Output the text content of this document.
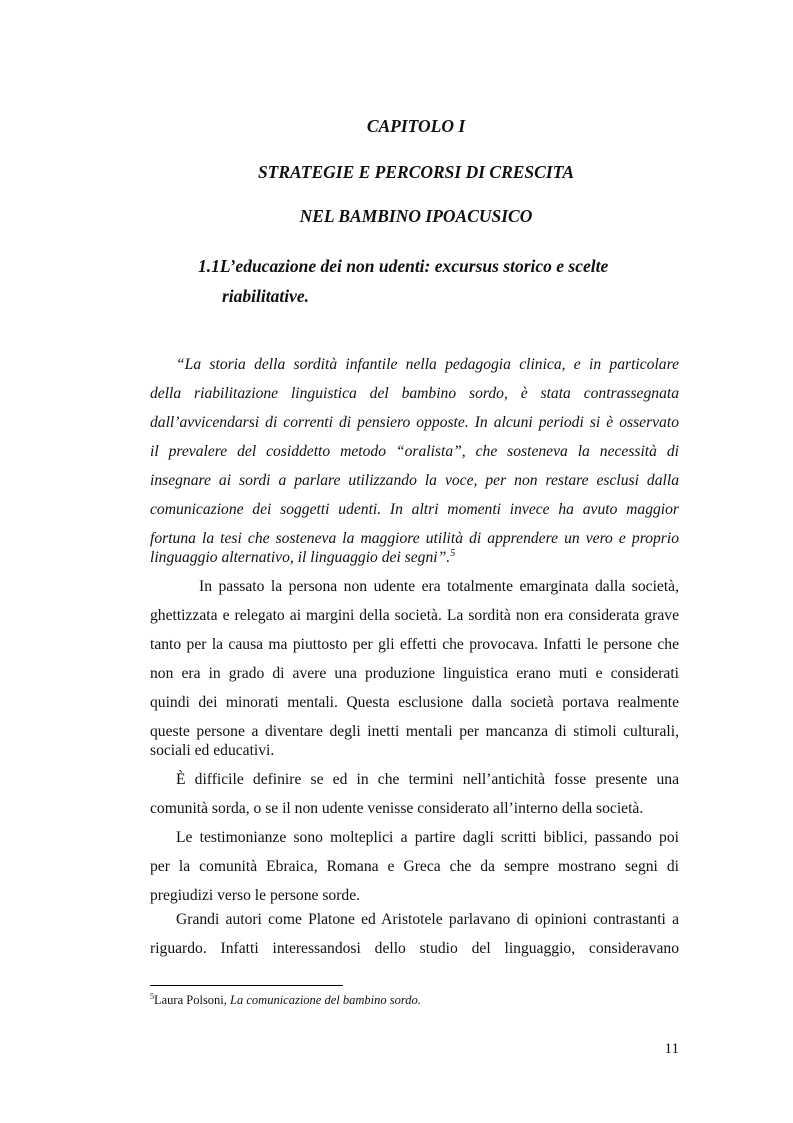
CAPITOLO I
STRATEGIE E PERCORSI DI CRESCITA
NEL BAMBINO IPOACUSICO
1.1L’educazione dei non udenti: excursus storico e scelte
riabilitative.
“La storia della sordità infantile nella pedagogia clinica, e in particolare
della riabilitazione linguistica del bambino sordo, è stata contrassegnata
dall’avvicendarsi di correnti di pensiero opposte. In alcuni periodi si è osservato
il prevalere del cosiddetto metodo “oralista”, che sosteneva la necessità di
insegnare ai sordi a parlare utilizzando la voce, per non restare esclusi dalla
comunicazione dei soggetti udenti. In altri momenti invece ha avuto maggior
fortuna la tesi che sosteneva la maggiore utilità di apprendere un vero e proprio
linguaggio alternativo, il linguaggio dei segni”.$^5$
In passato la persona non udente era totalmente emarginata dalla società,
ghettizzata e relegato ai margini della società. La sordità non era considerata grave
tanto per la causa ma piuttosto per gli effetti che provocava. Infatti le persone che
non era in grado di avere una produzione linguistica erano muti e considerati
quindi dei minorati mentali. Questa esclusione dalla società portava realmente
queste persone a diventare degli inetti mentali per mancanza di stimoli culturali,
sociali ed educativi.
È difficile definire se ed in che termini nell’antichità fosse presente una
comunità sorda, o se il non udente venisse considerato all’interno della società.
Le testimonianze sono molteplici a partire dagli scritti biblici, passando poi
per la comunità Ebraica, Romana e Greca che da sempre mostrano segni di
pregiudizi verso le persone sorde.
Grandi autori come Platone ed Aristotele parlavano di opinioni contrastanti a
riguardo. Infatti interessandosi dello studio del linguaggio, consideravano
$^5$Laura Polsoni, La comunicazione del bambino sordo.
11
